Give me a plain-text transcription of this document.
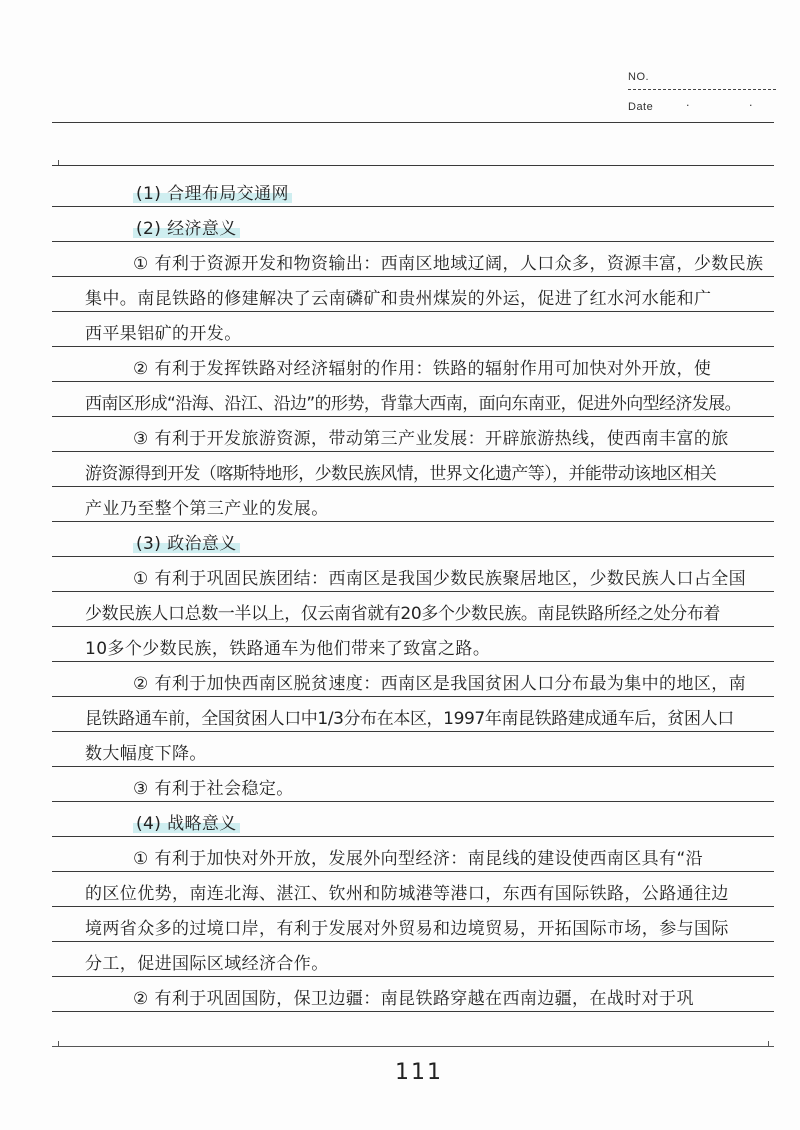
NO.
Date	· ·
(1) 合理布局交通网
(2) 经济意义
① 有利于资源开发和物资输出：西南区地域辽阔，人口众多，资源丰富，少数民族
集中。南昆铁路的修建解决了云南磷矿和贵州煤炭的外运，促进了红水河水能和广
西平果铝矿的开发。
② 有利于发挥铁路对经济辐射的作用：铁路的辐射作用可加快对外开放，使
西南区形成“沿海、沿江、沿边”的形势，背靠大西南，面向东南亚，促进外向型经济发展。
③ 有利于开发旅游资源，带动第三产业发展：开辟旅游热线，使西南丰富的旅
游资源得到开发（喀斯特地形，少数民族风情，世界文化遗产等），并能带动该地区相关
产业乃至整个第三产业的发展。
(3) 政治意义
① 有利于巩固民族团结：西南区是我国少数民族聚居地区，少数民族人口占全国
少数民族人口总数一半以上，仅云南省就有20多个少数民族。南昆铁路所经之处分布着
10多个少数民族，铁路通车为他们带来了致富之路。
② 有利于加快西南区脱贫速度：西南区是我国贫困人口分布最为集中的地区，南
昆铁路通车前，全国贫困人口中1/3分布在本区，1997年南昆铁路建成通车后，贫困人口
数大幅度下降。
③ 有利于社会稳定。
(4) 战略意义
① 有利于加快对外开放，发展外向型经济：南昆线的建设使西南区具有“沿
的区位优势，南连北海、湛江、钦州和防城港等港口，东西有国际铁路，公路通往边
境两省众多的过境口岸，有利于发展对外贸易和边境贸易，开拓国际市场，参与国际
分工，促进国际区域经济合作。
② 有利于巩固国防，保卫边疆：南昆铁路穿越在西南边疆，在战时对于巩
111
